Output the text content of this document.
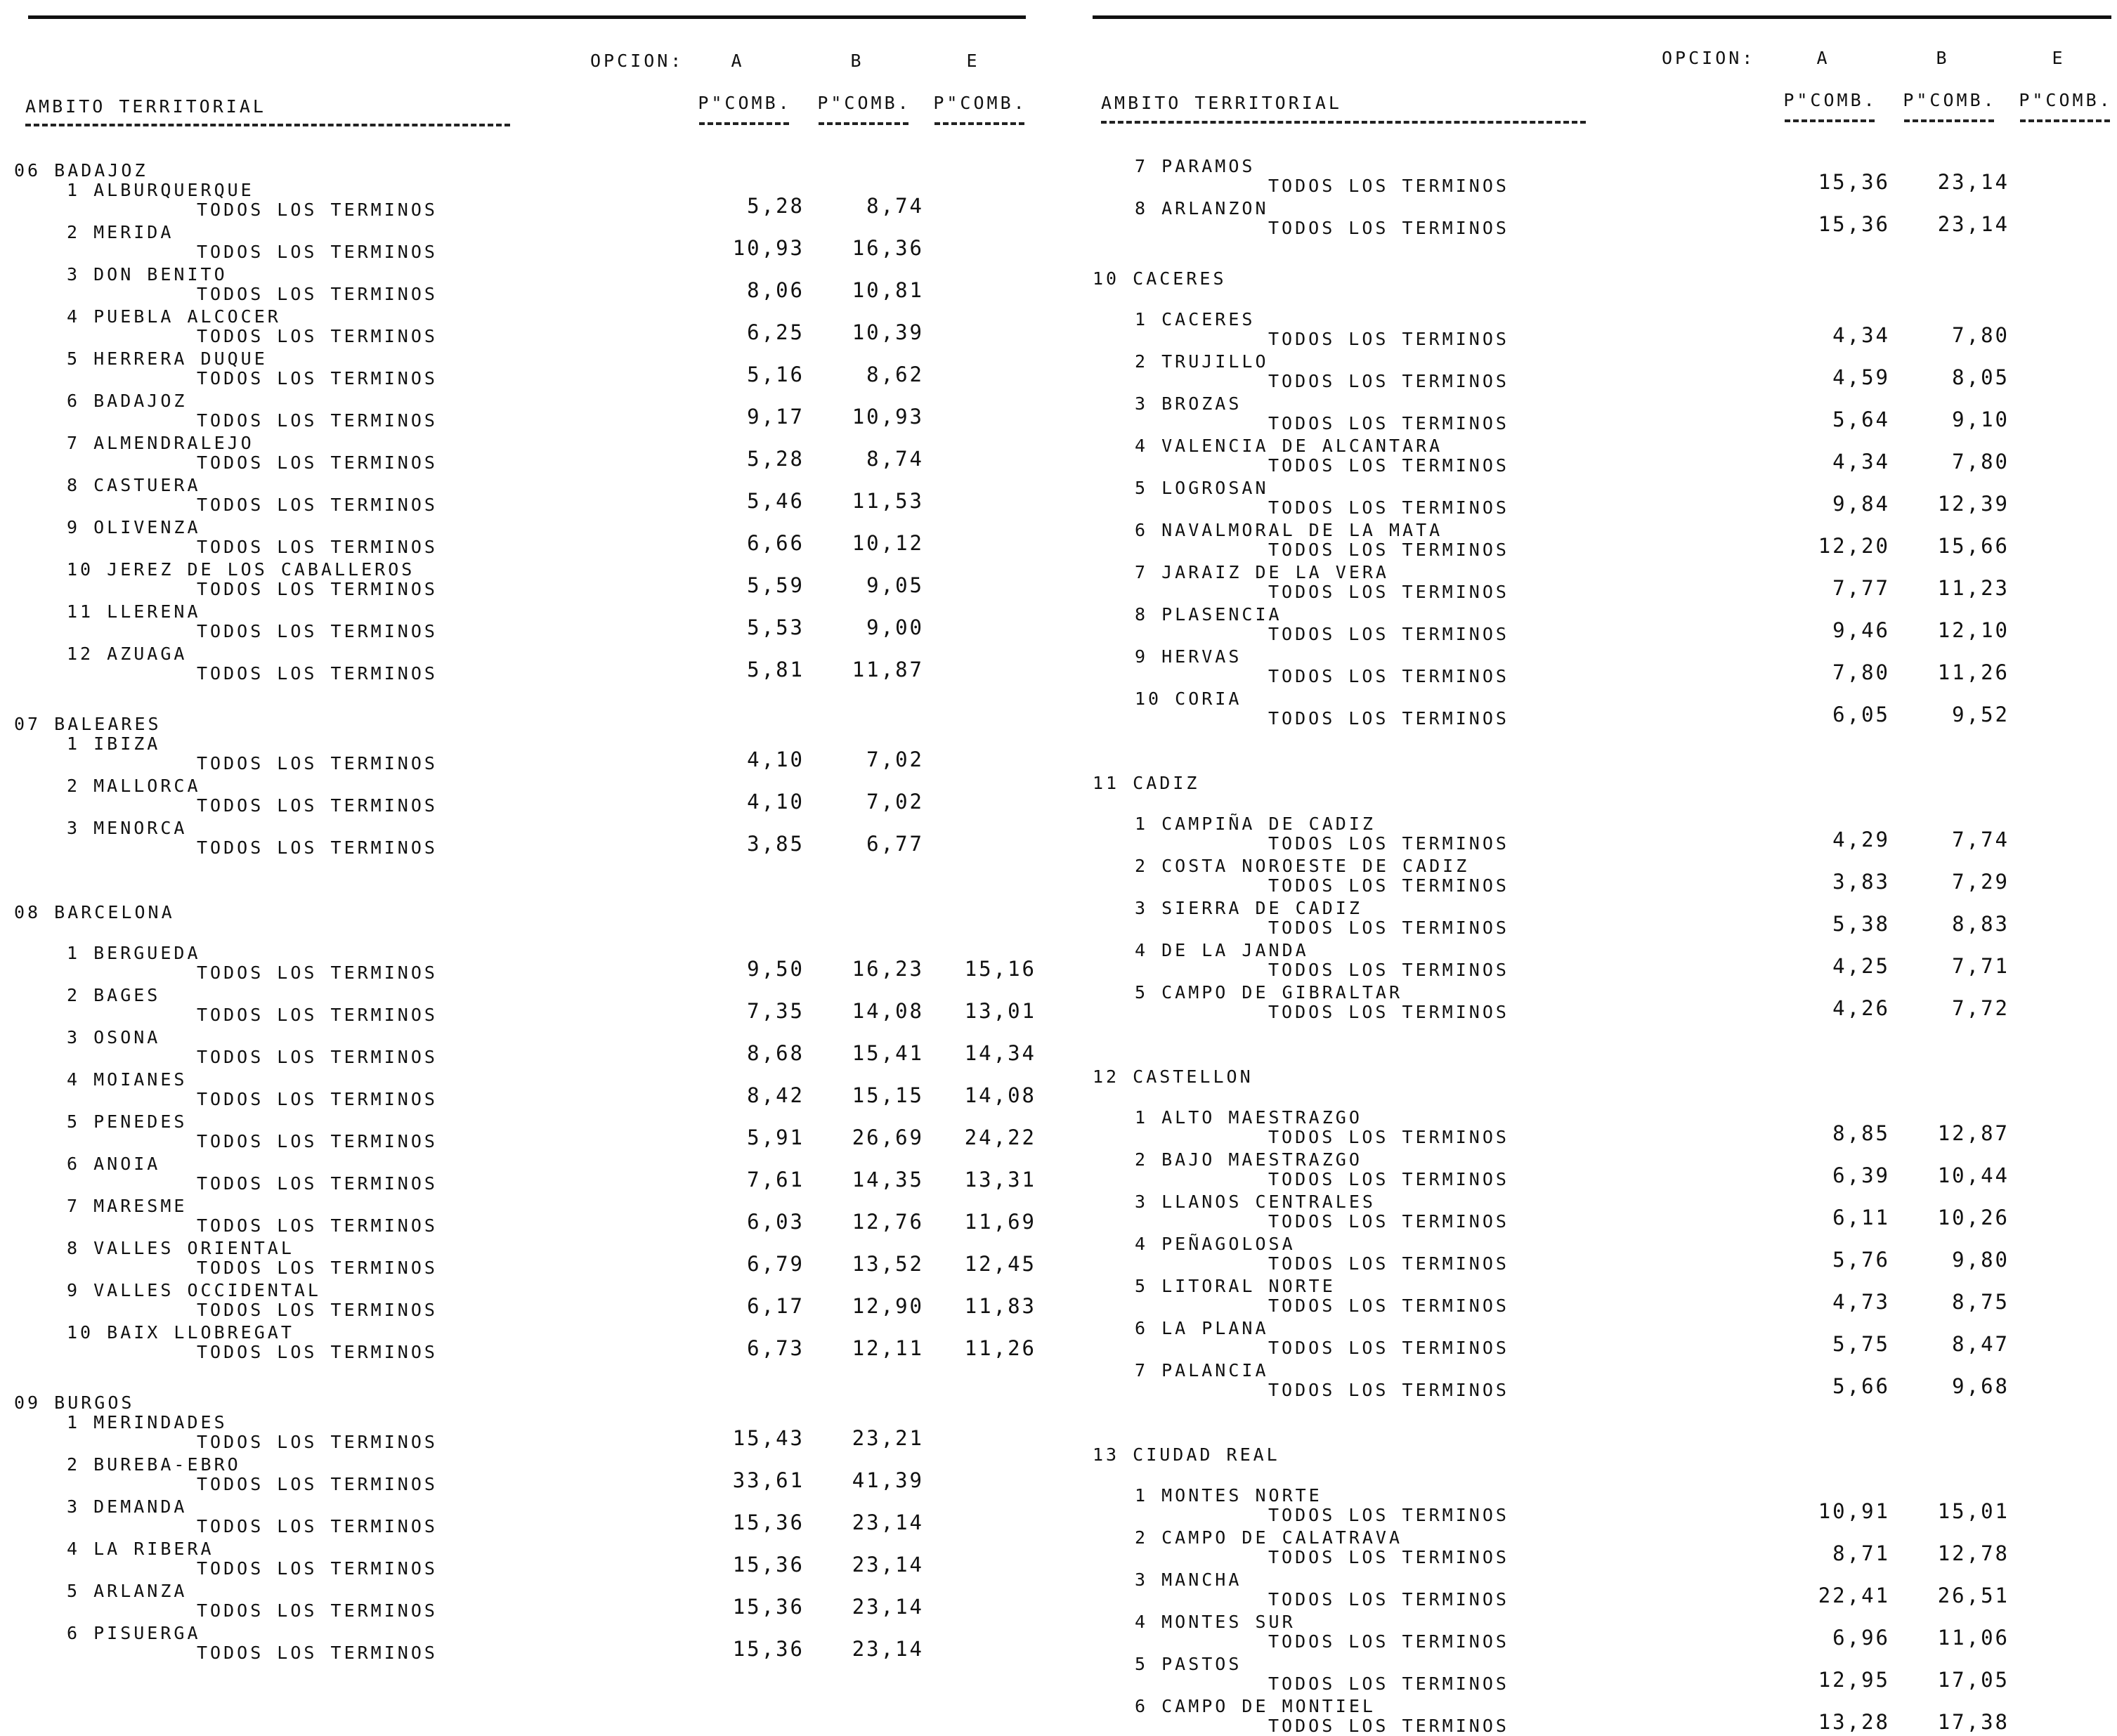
OPCION:	A	B	E
AMBITO TERRITORIAL	P"COMB. P"COMB. P"COMB.
06 BADAJOZ
1 ALBURQUERQUE
TODOS LOS TERMINOS	5,28	8,74
2 MERIDA
TODOS LOS TERMINOS	10,93	16,36
3 DON BENITO
TODOS LOS TERMINOS	8,06	10,81
4 PUEBLA ALCOCER
TODOS LOS TERMINOS	6,25	10,39
5 HERRERA DUQUE
TODOS LOS TERMINOS	5,16	8,62
6 BADAJOZ
TODOS LOS TERMINOS	9,17	10,93
7 ALMENDRALEJO
TODOS LOS TERMINOS	5,28	8,74
8 CASTUERA
TODOS LOS TERMINOS	5,46	11,53
9 OLIVENZA
TODOS LOS TERMINOS	6,66	10,12
10 JEREZ DE LOS CABALLEROS
TODOS LOS TERMINOS	5,59	9,05
11 LLERENA
TODOS LOS TERMINOS	5,53	9,00
12 AZUAGA
TODOS LOS TERMINOS	5,81	11,87
07 BALEARES
1 IBIZA
TODOS LOS TERMINOS	4,10	7,02
2 MALLORCA
TODOS LOS TERMINOS	4,10	7,02
3 MENORCA
TODOS LOS TERMINOS	3,85	6,77
08 BARCELONA
1 BERGUEDA
TODOS LOS TERMINOS	9,50	16,23	15,16
2 BAGES
TODOS LOS TERMINOS	7,35	14,08	13,01
3 OSONA
TODOS LOS TERMINOS	8,68	15,41	14,34
4 MOIANES
TODOS LOS TERMINOS	8,42	15,15	14,08
5 PENEDES
TODOS LOS TERMINOS	5,91	26,69	24,22
6 ANOIA
TODOS LOS TERMINOS	7,61	14,35	13,31
7 MARESME
TODOS LOS TERMINOS	6,03	12,76	11,69
8 VALLES ORIENTAL
TODOS LOS TERMINOS	6,79	13,52	12,45
9 VALLES OCCIDENTAL
TODOS LOS TERMINOS	6,17	12,90	11,83
10 BAIX LLOBREGAT
TODOS LOS TERMINOS	6,73	12,11	11,26
09 BURGOS
1 MERINDADES
TODOS LOS TERMINOS	15,43	23,21
2 BUREBA-EBRO
TODOS LOS TERMINOS	33,61	41,39
3 DEMANDA
TODOS LOS TERMINOS	15,36	23,14
4 LA RIBERA
TODOS LOS TERMINOS	15,36	23,14
5 ARLANZA
TODOS LOS TERMINOS	15,36	23,14
6 PISUERGA
TODOS LOS TERMINOS	15,36	23,14
OPCION:	A	B	E
AMBITO TERRITORIAL	P"COMB. P"COMB. P"COMB.
7 PARAMOS
TODOS LOS TERMINOS	15,36	23,14
8 ARLANZON
TODOS LOS TERMINOS	15,36	23,14
10 CACERES
1 CACERES
TODOS LOS TERMINOS	4,34	7,80
2 TRUJILLO
TODOS LOS TERMINOS	4,59	8,05
3 BROZAS
TODOS LOS TERMINOS	5,64	9,10
4 VALENCIA DE ALCANTARA
TODOS LOS TERMINOS	4,34	7,80
5 LOGROSAN
TODOS LOS TERMINOS	9,84	12,39
6 NAVALMORAL DE LA MATA
TODOS LOS TERMINOS	12,20	15,66
7 JARAIZ DE LA VERA
TODOS LOS TERMINOS	7,77	11,23
8 PLASENCIA
TODOS LOS TERMINOS	9,46	12,10
9 HERVAS
TODOS LOS TERMINOS	7,80	11,26
10 CORIA
TODOS LOS TERMINOS	6,05	9,52
11 CADIZ
1 CAMPIÑA DE CADIZ
TODOS LOS TERMINOS	4,29	7,74
2 COSTA NOROESTE DE CADIZ
TODOS LOS TERMINOS	3,83	7,29
3 SIERRA DE CADIZ
TODOS LOS TERMINOS	5,38	8,83
4 DE LA JANDA
TODOS LOS TERMINOS	4,25	7,71
5 CAMPO DE GIBRALTAR
TODOS LOS TERMINOS	4,26	7,72
12 CASTELLON
1 ALTO MAESTRAZGO
TODOS LOS TERMINOS	8,85	12,87
2 BAJO MAESTRAZGO
TODOS LOS TERMINOS	6,39	10,44
3 LLANOS CENTRALES
TODOS LOS TERMINOS	6,11	10,26
4 PEÑAGOLOSA
TODOS LOS TERMINOS	5,76	9,80
5 LITORAL NORTE
TODOS LOS TERMINOS	4,73	8,75
6 LA PLANA
TODOS LOS TERMINOS	5,75	8,47
7 PALANCIA
TODOS LOS TERMINOS	5,66	9,68
13 CIUDAD REAL
1 MONTES NORTE
TODOS LOS TERMINOS	10,91	15,01
2 CAMPO DE CALATRAVA
TODOS LOS TERMINOS	8,71	12,78
3 MANCHA
TODOS LOS TERMINOS	22,41	26,51
4 MONTES SUR
TODOS LOS TERMINOS	6,96	11,06
5 PASTOS
TODOS LOS TERMINOS	12,95	17,05
6 CAMPO DE MONTIEL
TODOS LOS TERMINOS	13,28	17,38
